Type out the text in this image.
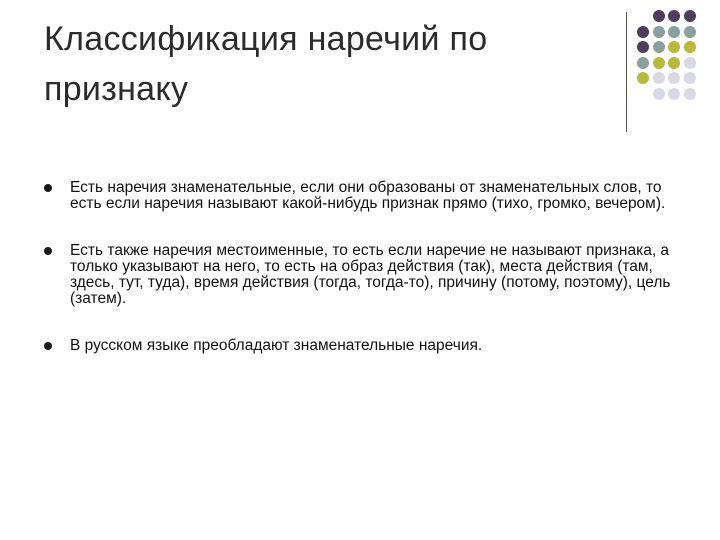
Классификация наречий по признаку
Есть наречия знаменательные, если они образованы от знаменательных слов, то есть если наречия называют какой-нибудь признак прямо (тихо, громко, вечером).
Есть также наречия местоименные, то есть если наречие не называют признака, а только указывают на него, то есть на образ действия (так), места действия (там, здесь, тут, туда), время действия (тогда, тогда-то), причину (потому, поэтому), цель (затем).
В русском языке преобладают знаменательные наречия.
